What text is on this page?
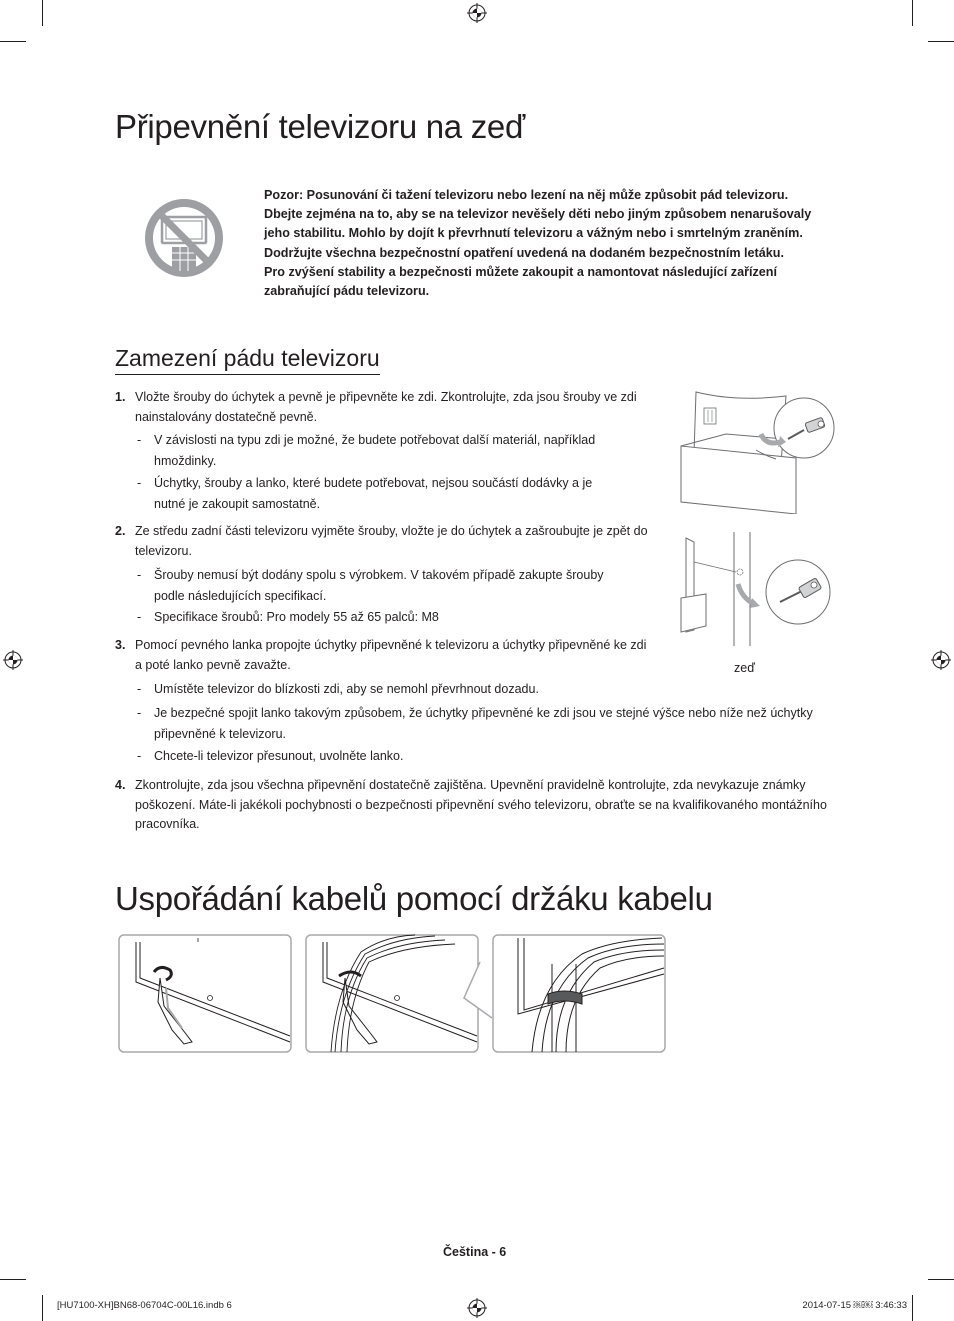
Připevnění televizoru na zeď

Pozor: Posunování či tažení televizoru nebo lezení na něj může způsobit pád televizoru.

Dbejte zejména na to, aby se na televizor nevěšely děti nebo jiným způsobem nenarušovaly jeho stabilitu. Mohlo by dojít k převrhnutí televizoru a vážným nebo i smrtelným zraněním.

Dodržujte všechna bezpečnostní opatření uvedená na dodaném bezpečnostním letáku.

Pro zvýšení stability a bezpečnosti můžete zakoupit a namontovat následující zařízení zabraňující pádu televizoru.

Zamezení pádu televizoru
1. Vložte šrouby do úchytek a pevně je připevněte ke zdi. Zkontrolujte, zda jsou šrouby ve zdi nainstalovány dostatečně pevně.
- V závislosti na typu zdi je možné, že budete potřebovat další materiál, například hmoždinky.
- Úchytky, šrouby a lanko, které budete potřebovat, nejsou součástí dodávky a je nutné je zakoupit samostatně.
2. Ze středu zadní části televizoru vyjměte šrouby, vložte je do úchytek a zašroubujte je zpět do televizoru.
- Šrouby nemusí být dodány spolu s výrobkem. V takovém případě zakupte šrouby podle následujících specifikací.
- Specifikace šroubů: Pro modely 55 až 65 palců: M8
3. Pomocí pevného lanka propojte úchytky připevněné k televizoru a úchytky připevněné ke zdi a poté lanko pevně zavažte.
- Umístěte televizor do blízkosti zdi, aby se nemohl převrhnout dozadu.
- Je bezpečné spojit lanko takovým způsobem, že úchytky připevněné ke zdi jsou ve stejné výšce nebo níže než úchytky připevněné k televizoru.
- Chcete-li televizor přesunout, uvolněte lanko.
4. Zkontrolujte, zda jsou všechna připevnění dostatečně zajištěna. Upevnění pravidelně kontrolujte, zda nevykazuje známky poškození. Máte-li jakékoli pochybnosti o bezpečnosti připevnění svého televizoru, obraťte se na kvalifikovaného montážního pracovníka.
zeď
Uspořádání kabelů pomocí držáku kabelu
Čeština - 6
[HU7100-XH]BN68-06704C-00L16.indb 6	2014-07-15 ￼￼ 3:46:33
